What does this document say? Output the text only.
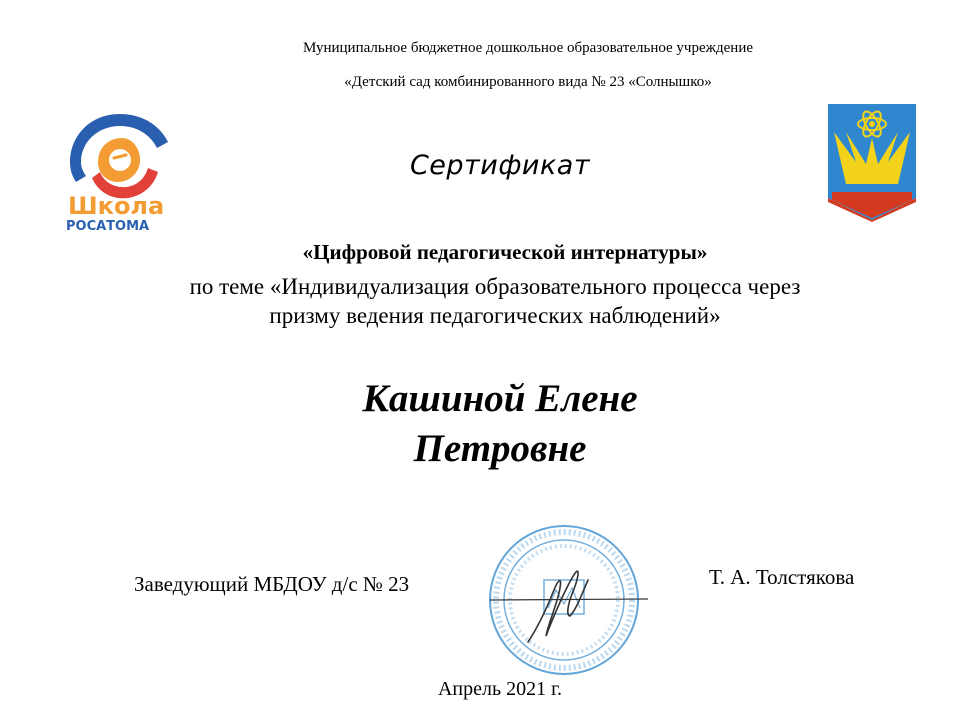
Муниципальное бюджетное дошкольное образовательное учреждение
«Детский сад комбинированного вида № 23 «Солнышко»
Школа
РОСАТОМА
Сертификат
«Цифровой педагогической интернатуры»
по теме «Индивидуализация образовательного процесса через
призму ведения педагогических наблюдений»
Кашиной Елене
Петровне
Заведующий МБДОУ д/с № 23	Т. А. Толстякова
Апрель 2021 г.
